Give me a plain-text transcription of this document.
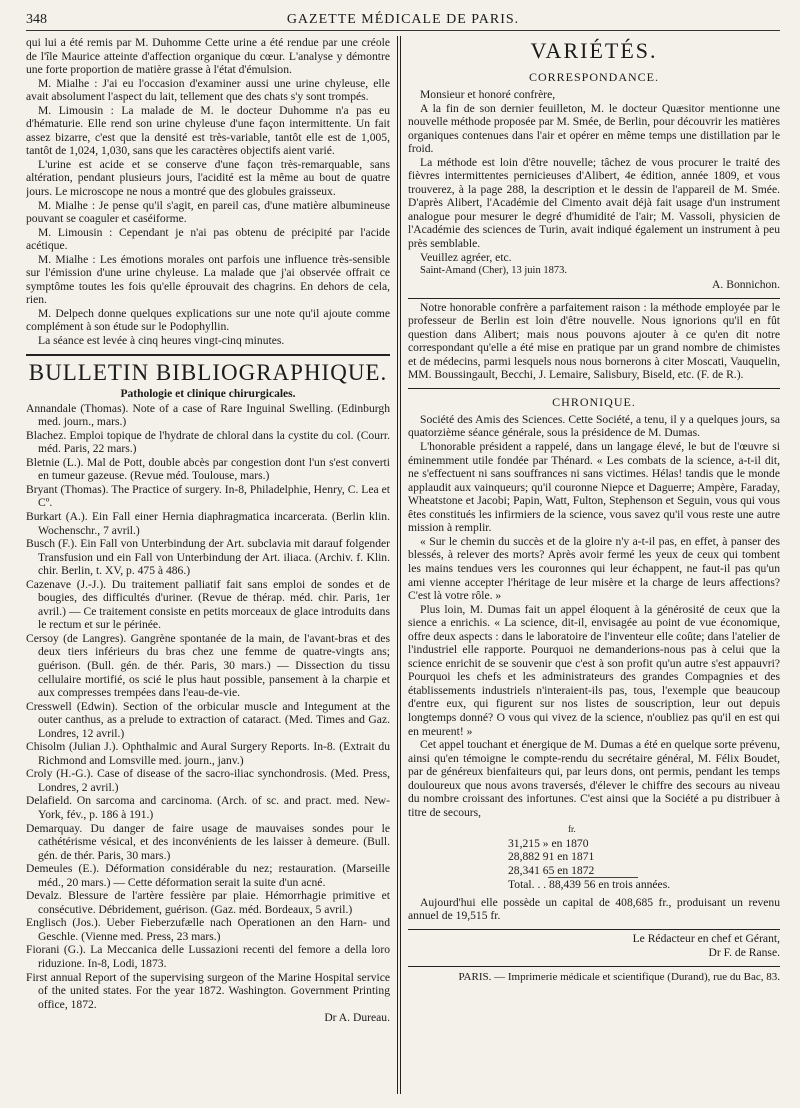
348	GAZETTE MÉDICALE DE PARIS.

qui lui a été remis par M. Duhomme Cette urine a été rendue par une créole de l'île Maurice atteinte d'affection organique du cœur. L'analyse y démontre une forte proportion de matière grasse à l'état d'émulsion.

M. Mialhe : J'ai eu l'occasion d'examiner aussi une urine chyleuse, elle avait absolument l'aspect du lait, tellement que des chats s'y sont trompés.

M. Limousin : La malade de M. le docteur Duhomme n'a pas eu d'hématurie. Elle rend son urine chyleuse d'une façon intermittente. Un fait assez bizarre, c'est que la densité est très-variable, tantôt elle est de 1,005, tantôt de 1,024, 1,030, sans que les caractères objectifs aient varié.

L'urine est acide et se conserve d'une façon très-remarquable, sans altération, pendant plusieurs jours, l'acidité est la même au bout de quatre jours. Le microscope ne nous a montré que des globules graisseux.

M. Mialhe : Je pense qu'il s'agit, en pareil cas, d'une matière albumineuse pouvant se coaguler et caséiforme.

M. Limousin : Cependant je n'ai pas obtenu de précipité par l'acide acétique.

M. Mialhe : Les émotions morales ont parfois une influence très-sensible sur l'émission d'une urine chyleuse. La malade que j'ai observée offrait ce symptôme toutes les fois qu'elle éprouvait des chagrins. En dehors de cela, rien.

M. Delpech donne quelques explications sur une note qu'il ajoute comme complément à son étude sur le Podophyllin.

La séance est levée à cinq heures vingt-cinq minutes.

BULLETIN BIBLIOGRAPHIQUE.
Pathologie et clinique chirurgicales.

Annandale (Thomas). Note of a case of Rare Inguinal Swelling. (Edinburgh med. journ., mars.)

Blachez. Emploi topique de l'hydrate de chloral dans la cystite du col. (Courr. méd. Paris, 22 mars.)

Bletnie (L.). Mal de Pott, double abcès par congestion dont l'un s'est converti en tumeur gazeuse. (Revue méd. Toulouse, mars.)

Bryant (Thomas). The Practice of surgery. In-8, Philadelphie, Henry, C. Lea et Cº.

Burkart (A.). Ein Fall einer Hernia diaphragmatica incarcerata. (Berlin klin. Wochenschr., 7 avril.)

Busch (F.). Ein Fall von Unterbindung der Art. subclavia mit darauf folgender Transfusion und ein Fall von Unterbindung der Art. iliaca. (Archiv. f. Klin. chir. Berlin, t. XV, p. 475 à 486.)

Cazenave (J.-J.). Du traitement palliatif fait sans emploi de sondes et de bougies, des difficultés d'uriner. (Revue de thérap. méd. chir. Paris, 1er avril.) — Ce traitement consiste en petits morceaux de glace introduits dans le rectum et sur le périnée.

Cersoy (de Langres). Gangrène spontanée de la main, de l'avant-bras et des deux tiers inférieurs du bras chez une femme de quatre-vingts ans; guérison. (Bull. gén. de thér. Paris, 30 mars.) — Dissection du tissu cellulaire mortifié, os scié le plus haut possible, pansement à la charpie et aux compresses trempées dans l'eau-de-vie.

Cresswell (Edwin). Section of the orbicular muscle and Integument at the outer canthus, as a prelude to extraction of cataract. (Med. Times and Gaz. Londres, 12 avril.)

Chisolm (Julian J.). Ophthalmic and Aural Surgery Reports. In-8. (Extrait du Richmond and Lomsville med. journ., janv.)

Croly (H.-G.). Case of disease of the sacro-iliac synchondrosis. (Med. Press, Londres, 2 avril.)

Delafield. On sarcoma and carcinoma. (Arch. of sc. and pract. med. New-York, fév., p. 186 à 191.)

Demarquay. Du danger de faire usage de mauvaises sondes pour le cathétérisme vésical, et des inconvénients de les laisser à demeure. (Bull. gén. de thér. Paris, 30 mars.)

Demeules (E.). Déformation considérable du nez; restauration. (Marseille méd., 20 mars.) — Cette déformation serait la suite d'un acné.

Devalz. Blessure de l'artère fessière par plaie. Hémorrhagie primitive et consécutive. Débridement, guérison. (Gaz. méd. Bordeaux, 5 avril.)

Englisch (Jos.). Ueber Fieberzufælle nach Operationen an den Harn- und Geschle. (Vienne med. Press, 23 mars.)

Fiorani (G.). La Meccanica delle Lussazioni recenti del femore a della loro riduzione. In-8, Lodi, 1873.

First annual Report of the supervising surgeon of the Marine Hospital service of the united states. For the year 1872. Washington. Government Printing office, 1872.

Dr A. Dureau.
VARIÉTÉS.
CORRESPONDANCE.

Monsieur et honoré confrère,

A la fin de son dernier feuilleton, M. le docteur Quæsitor mentionne une nouvelle méthode proposée par M. Smée, de Berlin, pour découvrir les matières organiques contenues dans l'air et opérer en même temps une distillation par le froid.

La méthode est loin d'être nouvelle; tâchez de vous procurer le traité des fièvres intermittentes pernicieuses d'Alibert, 4e édition, année 1809, et vous trouverez, à la page 288, la description et le dessin de l'appareil de M. Smée. D'après Alibert, l'Académie del Cimento avait déjà fait usage d'un instrument analogue pour mesurer le degré d'humidité de l'air; M. Vassoli, physicien de l'Académie des sciences de Turin, avait indiqué également un instrument à peu près semblable.

Veuillez agréer, etc.

Saint-Amand (Cher), 13 juin 1873.

A. Bonnichon.

Notre honorable confrère a parfaitement raison : la méthode employée par le professeur de Berlin est loin d'être nouvelle. Nous ignorions qu'il en fût question dans Alibert; mais nous pouvons ajouter à ce qu'en dit notre correspondant qu'elle a été mise en pratique par un grand nombre de chimistes et de médecins, parmi lesquels nous nous bornerons à citer Moscati, Vauquelin, MM. Boussingault, Becchi, J. Lemaire, Salisbury, Biseld, etc. (F. de R.).

CHRONIQUE.

Société des Amis des Sciences. Cette Société, a tenu, il y a quelques jours, sa quatorzième séance générale, sous la présidence de M. Dumas.

L'honorable président a rappelé, dans un langage élevé, le but de l'œuvre si éminemment utile fondée par Thénard. « Les combats de la science, a-t-il dit, ne s'effectuent ni sans souffrances ni sans victimes. Hélas! tandis que le monde applaudit aux vainqueurs; qu'il couronne Niepce et Daguerre; Ampère, Faraday, Wheatstone et Jacobi; Papin, Watt, Fulton, Stephenson et Seguin, vous qui vous êtes constitués les infirmiers de la science, vous savez qu'il vous reste une autre mission à remplir.

« Sur le chemin du succès et de la gloire n'y a-t-il pas, en effet, à panser des blessés, à relever des morts? Après avoir fermé les yeux de ceux qui tombent les mains tendues vers les couronnes qui leur échappent, ne faut-il pas qu'un ami vienne accepter l'héritage de leur misère et la charge de leurs affections? C'est là votre rôle. »

Plus loin, M. Dumas fait un appel éloquent à la générosité de ceux que la sience a enrichis. « La science, dit-il, envisagée au point de vue économique, offre deux aspects : dans le laboratoire de l'inventeur elle coûte; dans l'atelier de l'industriel elle rapporte. Pourquoi ne demanderions-nous pas à celui que la science enrichit de se souvenir que c'est à son profit qu'un autre s'est appauvri? Pourquoi les chefs et les administrateurs des grandes Compagnies et des établissements industriels n'interaient-ils pas, tous, l'exemple que beaucoup d'entre eux, qui figurent sur nos listes de souscription, leur out depuis longtemps donné? O vous qui vivez de la science, n'oubliez pas qu'il en est qui en meurent! »

Cet appel touchant et énergique de M. Dumas a été en quelque sorte prévenu, ainsi qu'en témoigne le compte-rendu du secrétaire général, M. Félix Boudet, par de généreux bienfaiteurs qui, par leurs dons, ont permis, pendant les temps douloureux que nous avons traversés, d'élever le chiffre des secours au niveau du nombre croissant des infortunes. C'est ainsi que la Société a pu distribuer à titre de secours,

fr.
31,215 » en 1870
28,882 91 en 1871
28,341 65 en 1872
Total. . . 88,439 56 en trois années.

Aujourd'hui elle possède un capital de 408,685 fr., produisant un revenu annuel de 19,515 fr.

Le Rédacteur en chef et Gérant,
Dr F. de Ranse.
PARIS. — Imprimerie médicale et scientifique (Durand), rue du Bac, 83.
